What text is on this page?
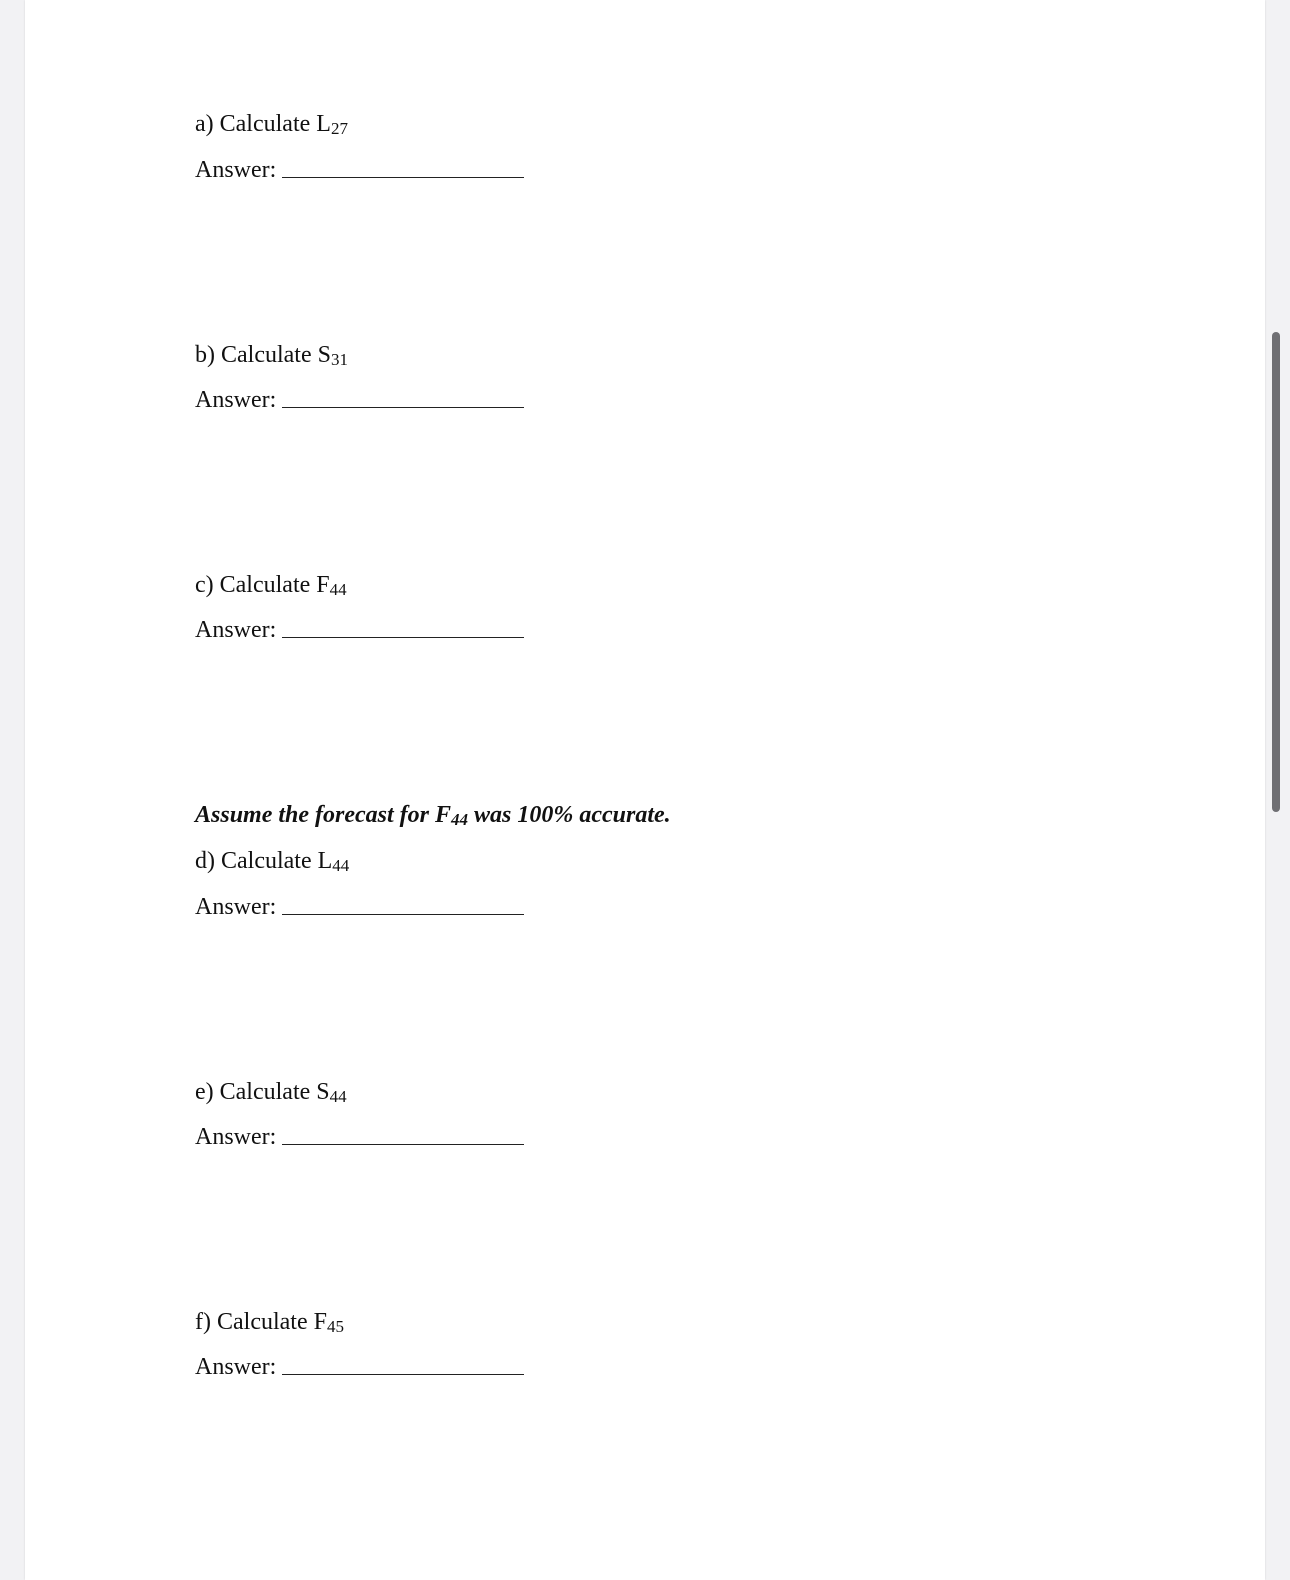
a) Calculate $L_{27}$
Answer:
b) Calculate $S_{31}$
Answer:
c) Calculate $F_{44}$
Answer:
Assume the forecast for $F_{44}$ was 100% accurate.
d) Calculate $L_{44}$
Answer:
e) Calculate $S_{44}$
Answer:
f) Calculate $F_{45}$
Answer:
